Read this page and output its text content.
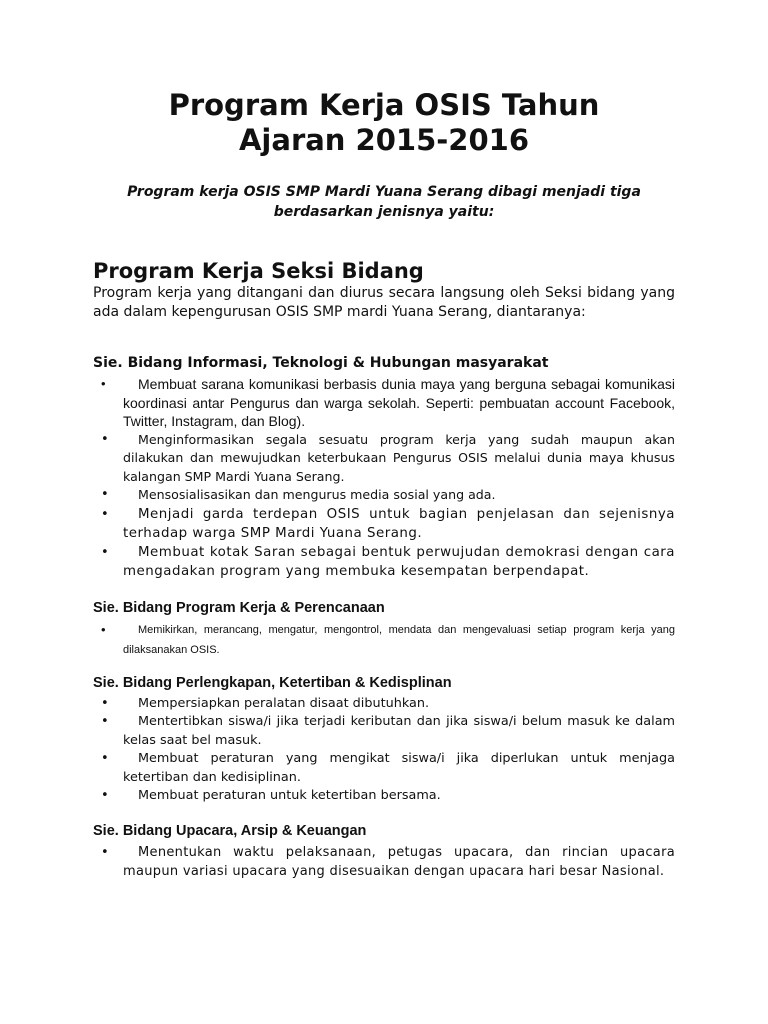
Program Kerja OSIS Tahun
Ajaran 2015-2016

Program kerja OSIS SMP Mardi Yuana Serang dibagi menjadi tiga berdasarkan jenisnya yaitu:

Program Kerja Seksi Bidang

Program kerja yang ditangani dan diurus secara langsung oleh Seksi bidang yang ada dalam kepengurusan OSIS SMP mardi Yuana Serang, diantaranya:

Sie. Bidang Informasi, Teknologi & Hubungan masyarakat
• Membuat sarana komunikasi berbasis dunia maya yang berguna sebagai komunikasi koordinasi antar Pengurus dan warga sekolah. Seperti: pembuatan account Facebook, Twitter, Instagram, dan Blog).
• Menginformasikan segala sesuatu program kerja yang sudah maupun akan dilakukan dan mewujudkan keterbukaan Pengurus OSIS melalui dunia maya khusus kalangan SMP Mardi Yuana Serang.
• Mensosialisasikan dan mengurus media sosial yang ada.
• Menjadi garda terdepan OSIS untuk bagian penjelasan dan sejenisnya terhadap warga SMP Mardi Yuana Serang.
• Membuat kotak Saran sebagai bentuk perwujudan demokrasi dengan cara mengadakan program yang membuka kesempatan berpendapat.
Sie. Bidang Program Kerja & Perencanaan
•	Memikirkan, merancang, mengatur, mengontrol, mendata dan mengevaluasi setiap program kerja yang dilaksanakan OSIS.
Sie. Bidang Perlengkapan, Ketertiban & Kedisplinan
• Mempersiapkan peralatan disaat dibutuhkan.
• Mentertibkan siswa/i jika terjadi keributan dan jika siswa/i belum masuk ke dalam kelas saat bel masuk.
• Membuat peraturan yang mengikat siswa/i jika diperlukan untuk menjaga ketertiban dan kedisiplinan.
• Membuat peraturan untuk ketertiban bersama.
Sie. Bidang Upacara, Arsip & Keuangan
• Menentukan waktu pelaksanaan, petugas upacara, dan rincian upacara maupun variasi upacara yang disesuaikan dengan upacara hari besar Nasional.
